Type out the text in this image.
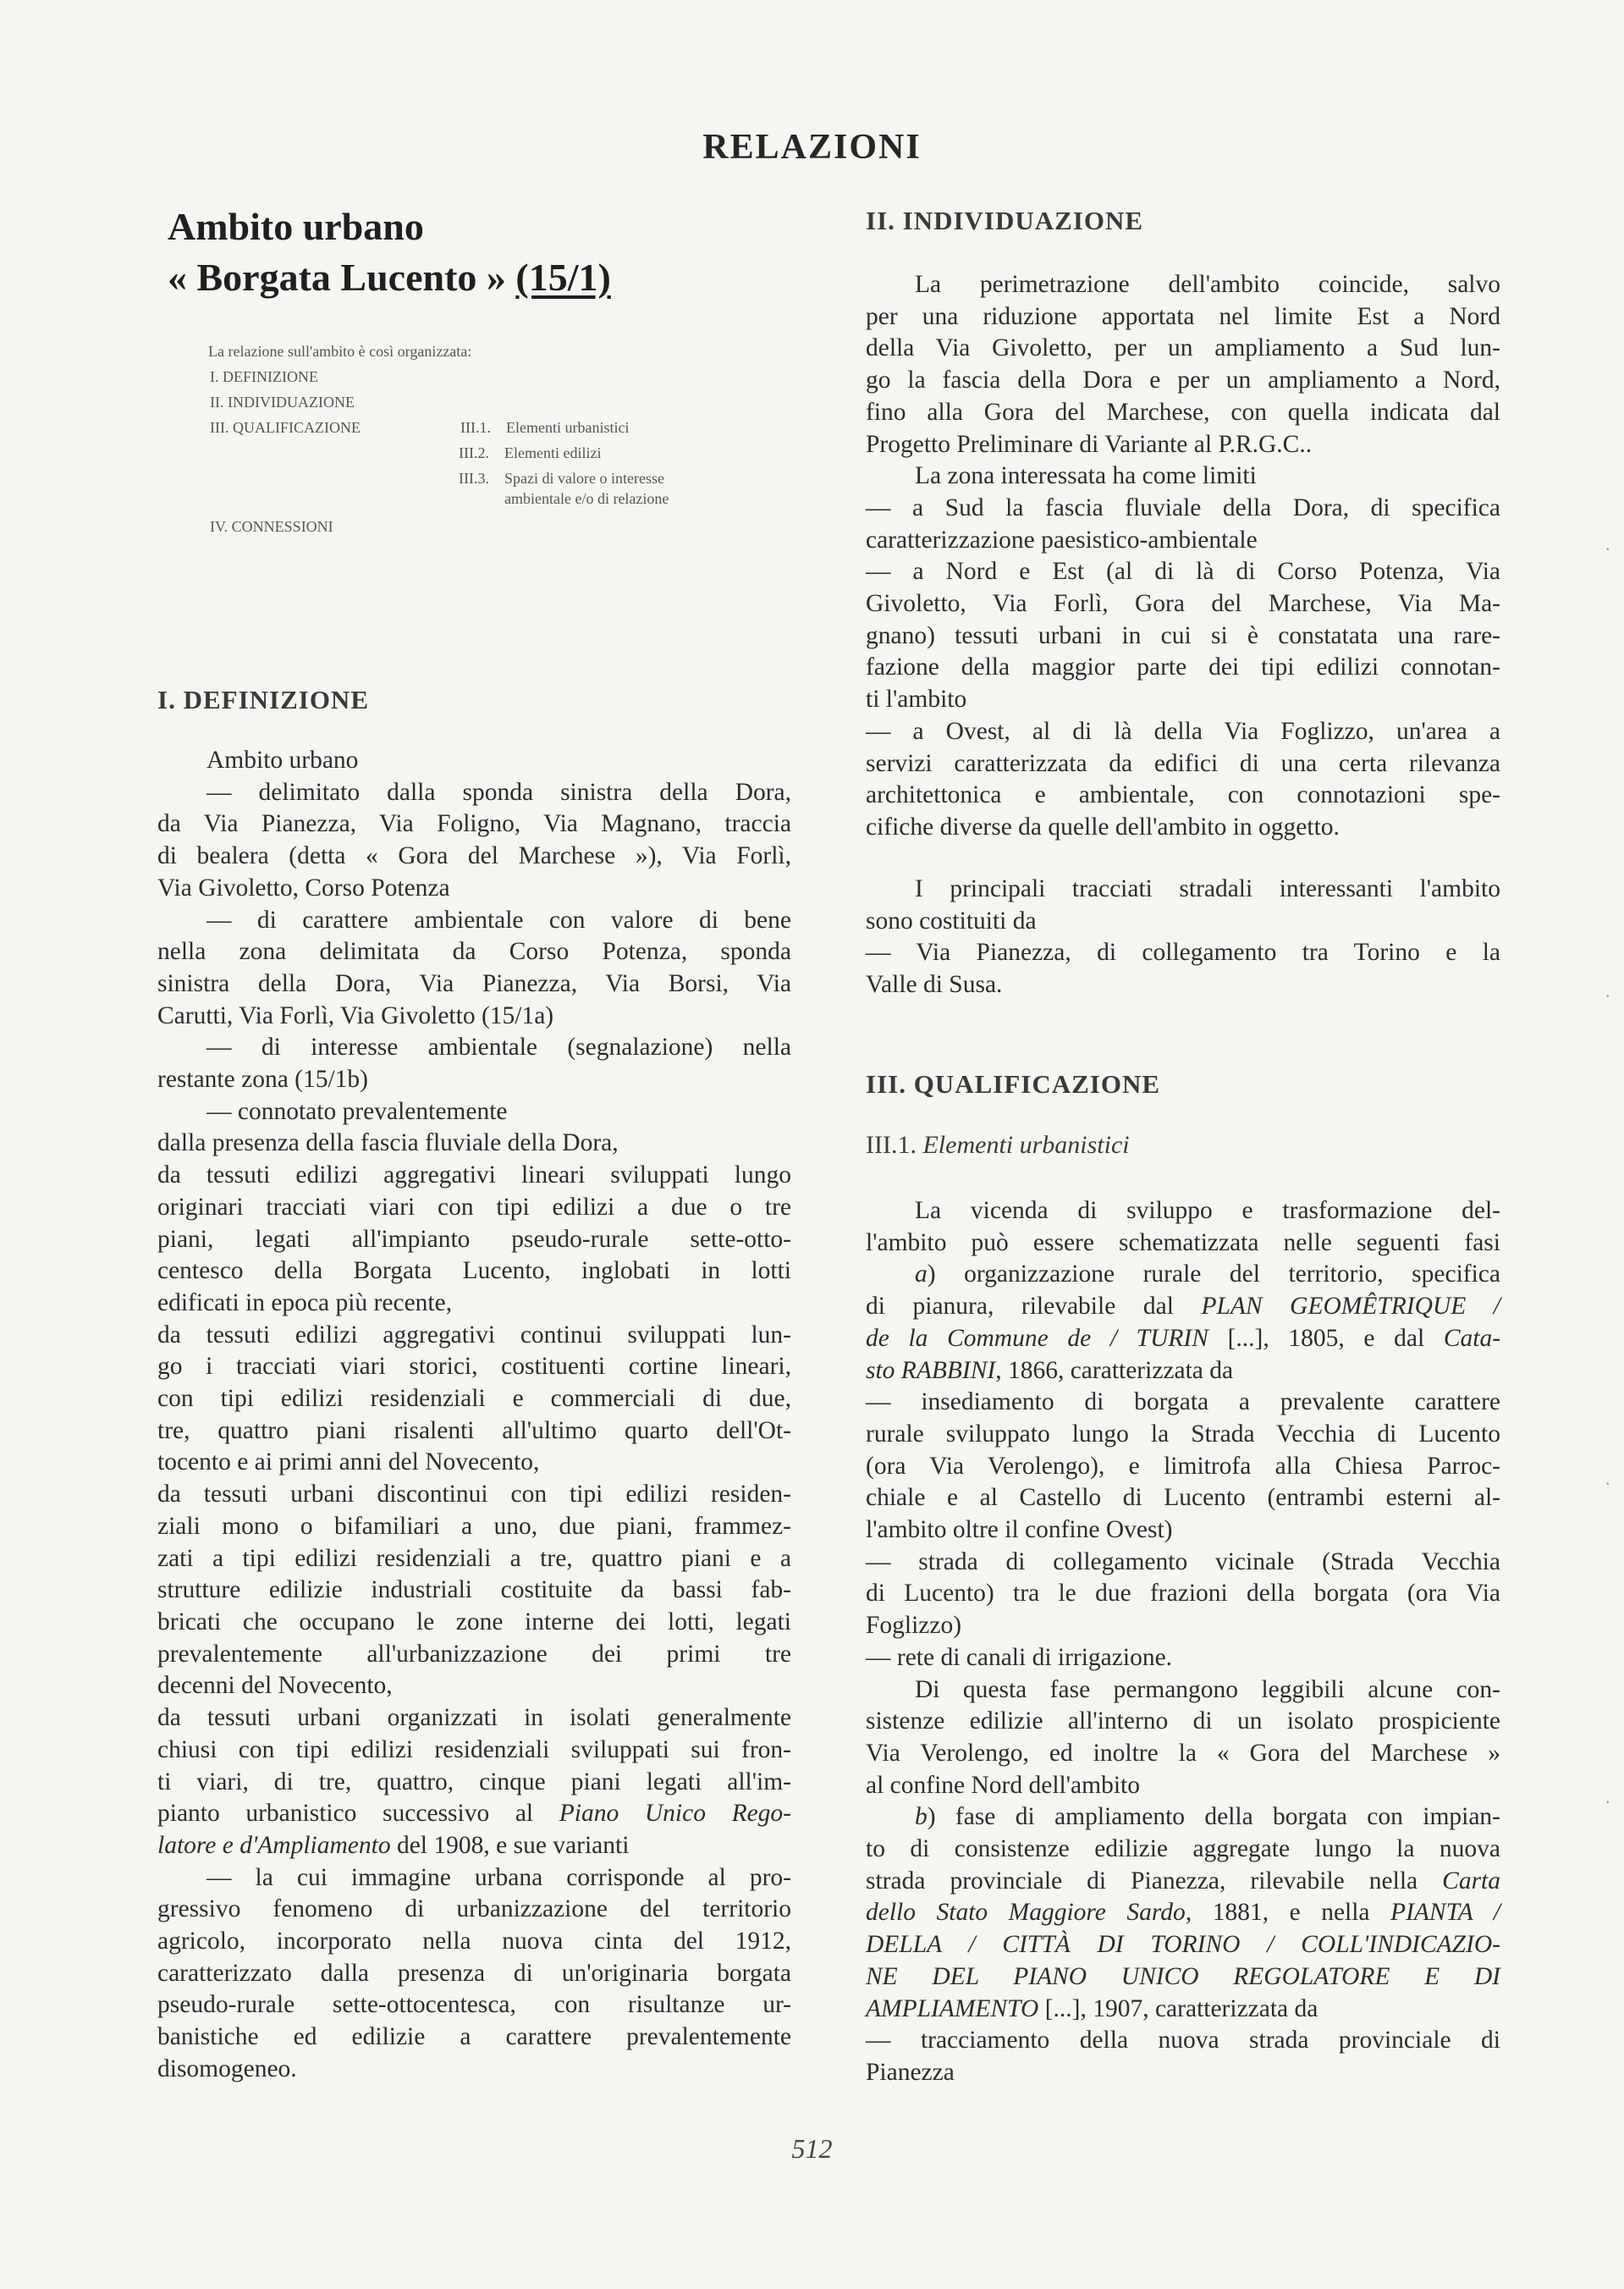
RELAZIONI
Ambito urbano
« Borgata Lucento » (15/1)
La relazione sull'ambito è così organizzata:
I. DEFINIZIONE
II. INDIVIDUAZIONE
III. QUALIFICAZIONE	III.1.	Elementi urbanistici
III.2.	Elementi edilizi
III.3.	Spazi di valore o interesse
ambientale e/o di relazione
IV. CONNESSIONI
I. DEFINIZIONE
Ambito urbano
— delimitato dalla sponda sinistra della Dora,
da Via Pianezza, Via Foligno, Via Magnano, traccia
di bealera (detta « Gora del Marchese »), Via Forlì,
Via Givoletto, Corso Potenza
— di carattere ambientale con valore di bene
nella zona delimitata da Corso Potenza, sponda
sinistra della Dora, Via Pianezza, Via Borsi, Via
Carutti, Via Forlì, Via Givoletto (15/1a)
— di interesse ambientale (segnalazione) nella
restante zona (15/1b)
— connotato prevalentemente
dalla presenza della fascia fluviale della Dora,
da tessuti edilizi aggregativi lineari sviluppati lungo
originari tracciati viari con tipi edilizi a due o tre
piani, legati all'impianto pseudo-rurale sette-otto-
centesco della Borgata Lucento, inglobati in lotti
edificati in epoca più recente,
da tessuti edilizi aggregativi continui sviluppati lun-
go i tracciati viari storici, costituenti cortine lineari,
con tipi edilizi residenziali e commerciali di due,
tre, quattro piani risalenti all'ultimo quarto dell'Ot-
tocento e ai primi anni del Novecento,
da tessuti urbani discontinui con tipi edilizi residen-
ziali mono o bifamiliari a uno, due piani, frammez-
zati a tipi edilizi residenziali a tre, quattro piani e a
strutture edilizie industriali costituite da bassi fab-
bricati che occupano le zone interne dei lotti, legati
prevalentemente all'urbanizzazione dei primi tre
decenni del Novecento,
da tessuti urbani organizzati in isolati generalmente
chiusi con tipi edilizi residenziali sviluppati sui fron-
ti viari, di tre, quattro, cinque piani legati all'im-
pianto urbanistico successivo al Piano Unico Rego-
latore e d'Ampliamento del 1908, e sue varianti
— la cui immagine urbana corrisponde al pro-
gressivo fenomeno di urbanizzazione del territorio
agricolo, incorporato nella nuova cinta del 1912,
caratterizzato dalla presenza di un'originaria borgata
pseudo-rurale sette-ottocentesca, con risultanze ur-
banistiche ed edilizie a carattere prevalentemente
disomogeneo.
II. INDIVIDUAZIONE
La perimetrazione dell'ambito coincide, salvo
per una riduzione apportata nel limite Est a Nord
della Via Givoletto, per un ampliamento a Sud lun-
go la fascia della Dora e per un ampliamento a Nord,
fino alla Gora del Marchese, con quella indicata dal
Progetto Preliminare di Variante al P.R.G.C..
La zona interessata ha come limiti
— a Sud la fascia fluviale della Dora, di specifica
caratterizzazione paesistico-ambientale
— a Nord e Est (al di là di Corso Potenza, Via
Givoletto, Via Forlì, Gora del Marchese, Via Ma-
gnano) tessuti urbani in cui si è constatata una rare-
fazione della maggior parte dei tipi edilizi connotan-
ti l'ambito
— a Ovest, al di là della Via Foglizzo, un'area a
servizi caratterizzata da edifici di una certa rilevanza
architettonica e ambientale, con connotazioni spe-
cifiche diverse da quelle dell'ambito in oggetto.
I principali tracciati stradali interessanti l'ambito
sono costituiti da
— Via Pianezza, di collegamento tra Torino e la
Valle di Susa.
III. QUALIFICAZIONE
III.1. Elementi urbanistici
La vicenda di sviluppo e trasformazione del-
l'ambito può essere schematizzata nelle seguenti fasi
a) organizzazione rurale del territorio, specifica
di pianura, rilevabile dal PLAN GEOMÊTRIQUE /
de la Commune de / TURIN [...], 1805, e dal Cata-
sto RABBINI, 1866, caratterizzata da
— insediamento di borgata a prevalente carattere
rurale sviluppato lungo la Strada Vecchia di Lucento
(ora Via Verolengo), e limitrofa alla Chiesa Parroc-
chiale e al Castello di Lucento (entrambi esterni al-
l'ambito oltre il confine Ovest)
— strada di collegamento vicinale (Strada Vecchia
di Lucento) tra le due frazioni della borgata (ora Via
Foglizzo)
— rete di canali di irrigazione.
Di questa fase permangono leggibili alcune con-
sistenze edilizie all'interno di un isolato prospiciente
Via Verolengo, ed inoltre la « Gora del Marchese »
al confine Nord dell'ambito
b) fase di ampliamento della borgata con impian-
to di consistenze edilizie aggregate lungo la nuova
strada provinciale di Pianezza, rilevabile nella Carta
dello Stato Maggiore Sardo, 1881, e nella PIANTA /
DELLA / CITTÀ DI TORINO / COLL'INDICAZIO-
NE DEL PIANO UNICO REGOLATORE E DI
AMPLIAMENTO [...], 1907, caratterizzata da
— tracciamento della nuova strada provinciale di
Pianezza
512
·
·
·
·
